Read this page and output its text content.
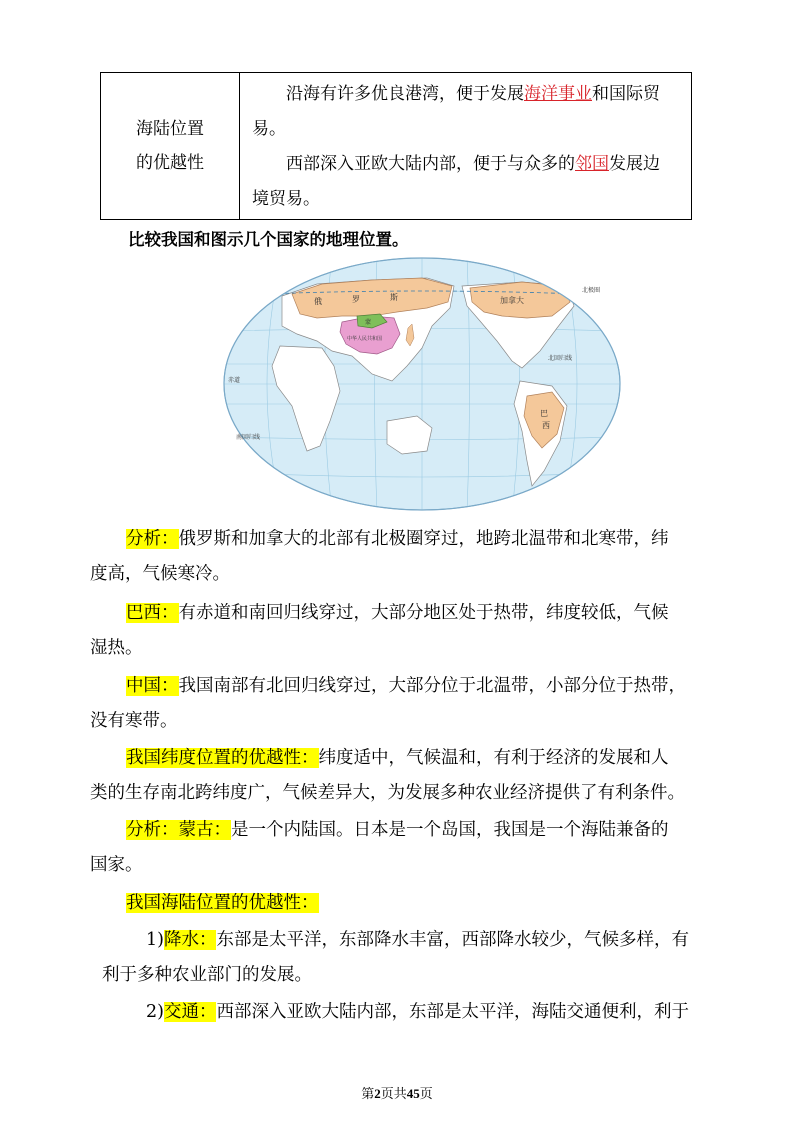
海陆位置
的优越性

沿海有许多优良港湾，便于发展海洋事业和国际贸

易。

西部深入亚欧大陆内部，便于与众多的邻国发展边

境贸易。

比较我国和图示几个国家的地理位置。
俄	罗	斯
蒙
中华人民共和国
加拿大
巴
西
北极圈
北回归线
赤道
南回归线
分析：俄罗斯和加拿大的北部有北极圈穿过，地跨北温带和北寒带，纬
度高，气候寒冷。
巴西：有赤道和南回归线穿过，大部分地区处于热带，纬度较低，气候
湿热。
中国：我国南部有北回归线穿过，大部分位于北温带，小部分位于热带，
没有寒带。
我国纬度位置的优越性：纬度适中，气候温和，有利于经济的发展和人
类的生存南北跨纬度广，气候差异大，为发展多种农业经济提供了有利条件。
分析：蒙古：是一个内陆国。日本是一个岛国，我国是一个海陆兼备的
国家。
我国海陆位置的优越性：
1)降水：东部是太平洋，东部降水丰富，西部降水较少，气候多样，有
利于多种农业部门的发展。
2)交通：西部深入亚欧大陆内部，东部是太平洋，海陆交通便利，利于
第2页共45页
